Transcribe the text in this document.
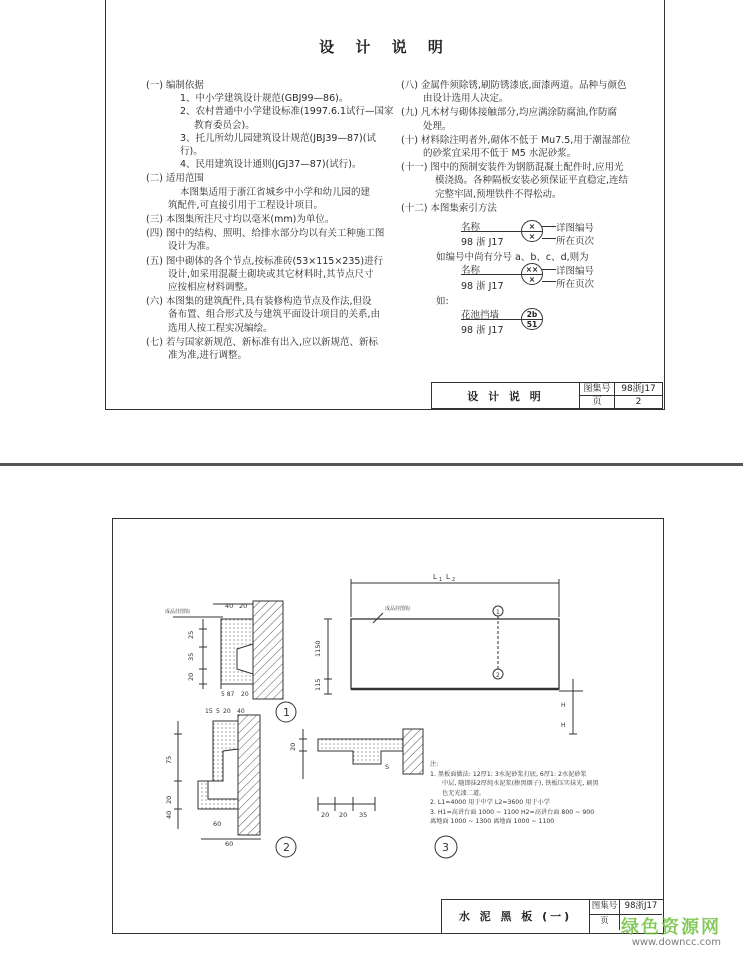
设 计 说 明

(一) 编制依据

1、中小学建筑设计规范(GBJ99—86)。

2、农村普通中小学建设标准(1997.6.1试行—国家

教育委员会)。

3、托儿所幼儿园建筑设计规范(JBJ39—87)(试行)。

4、民用建筑设计通则(JGJ37—87)(试行)。

(二) 适用范围

本图集适用于浙江省城乡中小学和幼儿园的建

筑配件,可直接引用于工程设计项目。

(三) 本图集所注尺寸均以毫米(mm)为单位。

(四) 图中的结构、照明、给排水部分均以有关工种施工图

设计为准。

(五) 图中砌体的各个节点,按标准砖(53×115×235)进行

设计,如采用混凝土砌块或其它材料时,其节点尺寸

应按相应材料调整。

(六) 本图集的建筑配件,具有装修构造节点及作法,但设

备布置、组合形式及与建筑平面设计项目的关系,由

选用人按工程实况编绘。

(七) 若与国家新规范、新标准有出入,应以新规范、新标

准为准,进行调整。

(八) 金属件须除锈,刷防锈漆底,面漆两道。品种与颜色

由设计选用人决定。

(九) 凡木材与砌体接触部分,均应满涂防腐油,作防腐

处理。

(十) 材料除注明者外,砌体不低于 Mu7.5,用于潮湿部位

的砂浆宜采用不低于 M5 水泥砂浆。

(十一) 图中的预制安装件为钢筋混凝土配件时,应用光

模浇捣。各种隔板安装必须保证平直稳定,连结

完整牢固,预埋铁件不得松动。

(十二) 本图集索引方法

名称
98 浙 J17
×
×
详图编号
所在页次
如编号中尚有分号 a、b、c、d,则为
名称
98 浙 J17
××
×
详图编号
所在页次
如:
花池挡墙
98 浙 J17
2b
51
设 计 说 明
图集号	98浙J17
页	2
成品挂图钩
40 20
25
35
20
5 87 20
1
15 5 20 40
75
20
40
60
60	2
20
20 20 35
S
3
L 1 L 2
成品挂图钩	1
2
1150
115
H
H
水 泥 黑 板 (一)
图集号 98浙J17
页

注:

1. 黑板面做法: 12厚1: 3水泥砂浆打底, 6厚1: 2水泥砂浆

中层, 随即抹2厚纯水泥浆(掺黑烟子), 铁板压实抹光, 刷黑

色无光漆二道。

2. L1=4000 用于中学 L2=3600 用于小学

3. H1=高讲台面 1000 ~ 1100 H2=高讲台面 800 ~ 900

离地面 1000 ~ 1300 离地面 1000 ~ 1100

绿色资源网
www.downcc.com
